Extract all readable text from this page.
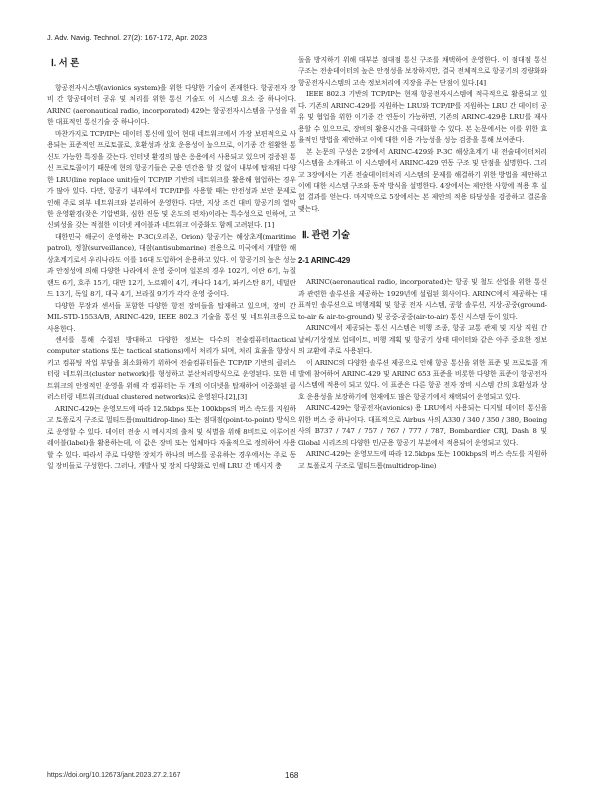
J. Adv. Navig. Technol. 27(2): 167-172, Apr. 2023
Ⅰ. 서 론

항공전자시스템(avionics system)을 위한 다양한 기술이 존재한다. 항공전자 장비 간 항공데이터 공유 및 처리를 위한 통신 기술도 이 시스템 요소 중 하나이다. ARINC (aeronautical radio, incorporated) 429는 항공전자시스템을 구성을 위한 대표적인 통신기술 중 하나이다.

마찬가지로 TCP/IP는 데이터 통신에 있어 현대 네트워크에서 가장 보편적으로 사용되는 표준적인 프로토콜로, 호환성과 상호 운용성이 높으므로, 이기종 간 원활한 통신도 가능한 특징을 갖는다. 인터넷 환경의 많은 응용에서 사용되고 있으며 검증된 통신 프로토콜이기 때문에 현의 항공기들은 군용 민간용 할 것 없이 내부에 탑재된 다양한 LRU(line replace unit)들이 TCP/IP 기반의 네트워크를 활용해 협업하는 경우가 많아 있다. 다만, 항공기 내부에서 TCP/IP를 사용할 때는 안전성과 보안 문제로 인해 주로 외부 네트워크와 분리하여 운영한다. 다만, 지상 조건 대비 항공기의 열악한 운영환경(잦은 기압변화, 심한 진동 및 온도의 편차)이라는 특수성으로 인하여, 고신뢰성을 갖는 적절한 이더넷 케이블과 네트워크 이중화도 함께 고려된다. [1]

대한민국 해군이 운영하는 P-3C(오리온, Orion) 항공기는 해상초계(maritime patrol), 정찰(surveillance), 대잠(antisubmarine) 전용으로 미국에서 개발한 해상초계기로서 우리나라도 이를 16대 도입하여 운용하고 있다. 이 항공기의 높은 성능과 안정성에 의해 다양한 나라에서 운영 중이며 일본의 경우 102기, 이란 6기, 뉴질랜드 6기, 호주 15기, 대만 12기, 노르웨이 4기, 캐나다 14기, 파키스탄 8기, 네덜란드 13기, 독일 8기, 대국 4기, 브라질 9기가 각각 운영 중이다.

다양한 무장과 센서들 포함한 다양한 항전 장비들을 탑재하고 있으며, 장비 간 MIL-STD-1553A/B, ARINC-429, IEEE 802.3 기술을 통신 및 네트워크용으로 사용한다.

센서를 통해 수집된 방대하고 다양한 정보는 다수의 전술컴퓨터(tactical computer stations 또는 tactical stations)에서 처리가 되며, 처리 효율을 향상시키고 컴퓨팅 작업 부담을 최소화하기 위하여 전술컴퓨터들은 TCP/IP 기반의 클러스터링 네트워크(cluster network)를 형성하고 분산처리방식으로 운영된다. 또한 네트워크의 안정적인 운영을 위해 각 컴퓨터는 두 개의 이더넷을 탑재하여 이중화된 클러스터링 네트워크(dual clustered networks)로 운영된다.[2],[3]

ARINC-429는 운영모드에 따라 12.5kbps 또는 100kbps의 버스 속도를 지원하고 토폴로지 구조로 멀티드롭(multidrop-line) 또는 점대점(point-to-point) 방식으로 운영할 수 있다. 데이터 전송 시 메시지의 출처 및 식별을 위해 8비트로 이루어진 레이블(label)을 활용하는데, 이 값은 장비 또는 업체마다 자율적으로 정의하여 사용할 수 있다. 따라서 주로 다양한 장치가 하나의 버스를 공유하는 경우에서는 주로 동일 장비들로 구성한다. 그러나, 개발사 및 장치 다양화로 인해 LRU 간 메시지 충

돌을 방지하기 위해 대부분 점대점 통신 구조를 채택하여 운영한다. 이 점대점 통신 구조는 전송데이터의 높은 안정성을 보장하지만, 결국 전체적으로 항공기의 경량화와 항공전자시스템의 고속 정보처리에 지장을 주는 단점이 있다.[4]

IEEE 802.3 기반의 TCP/IP는 현재 항공전자시스템에 적극적으로 활용되고 있다. 기존의 ARINC-429를 지원하는 LRU와 TCP/IP를 지원하는 LRU 간 데이터 공유 및 협업을 위한 이기종 간 연동이 가능하면, 기존의 ARINC-429용 LRU를 재사용할 수 있으므로, 장비의 활용시간을 극대화할 수 있다. 본 논문에서는 이를 위한 효율적인 방법을 제안하고 이에 대한 이용 가능성을 성능 검증을 통해 보여준다.

본 논문의 구성은 2장에서 ARINC-429와 P-3C 해상초계기 내 전술데이터처리 시스템을 소개하고 이 시스템에서 ARINC-429 연동 구조 및 단점을 설명한다. 그리고 3장에서는 기존 전술데이터처리 시스템의 문제를 해결하기 위한 방법을 제안하고 이에 대한 시스템 구조와 동작 방식을 설명한다. 4장에서는 제안한 사항에 적용 후 실험 결과를 얻는다. 마지막으로 5장에서는 본 제안의 적용 타당성을 검증하고 결론을 맺는다.

Ⅱ. 관련 기술
2-1 ARINC-429

ARINC(aeronautical radio, incorporated)는 항공 및 철도 산업을 위한 통신과 관련한 솔루션을 제공하는 1929년에 설립된 회사이다. ARINC에서 제공하는 대표적인 솔루션으로 비행계획 및 항공 전자 시스템, 공항 솔루션, 지상-공중(ground-to-air & air-to-ground) 및 공중-공중(air-to-air) 통신 시스템 등이 있다.

ARINC에서 제공되는 통신 시스템은 비행 조종, 항공 교통 관제 및 지상 직원 간 날씨/기상정보 업데이트, 비행 계획 및 항공기 상태 데이터와 같은 아주 중요한 정보의 교환에 주로 사용된다.

이 ARINC의 다양한 솔루션 제공으로 인해 항공 통신을 위한 표준 및 프로토콜 개발에 참여하여 ARINC-429 및 ARINC 653 표준을 비롯한 다양한 표준이 항공전자시스템에 적용이 되고 있다. 이 표준은 다른 항공 전자 장비 시스템 간의 호환성과 상호 운용성을 보장하기에 현재에도 많은 항공기에서 채택되어 운영되고 있다.

ARINC-429는 항공전자(avionics) 용 LRU에서 사용되는 디지털 데이터 통신을 위한 버스 중 하나이다. 대표적으로 Airbus 사의 A330 / 340 / 350 / 380, Boeing 사의 B737 / 747 / 757 / 767 / 777 / 787, Bombardier CRJ, Dash 8 및 Global 시리즈의 다양한 민/군용 항공기 부분에서 적용되어 운영되고 있다.

ARINC-429는 운영모드에 따라 12.5kbps 또는 100kbps의 버스 속도를 지원하고 토폴로지 구조로 멀티드롭(multidrop-line)

https://doi.org/10.12673/jant.2023.27.2.167	168
